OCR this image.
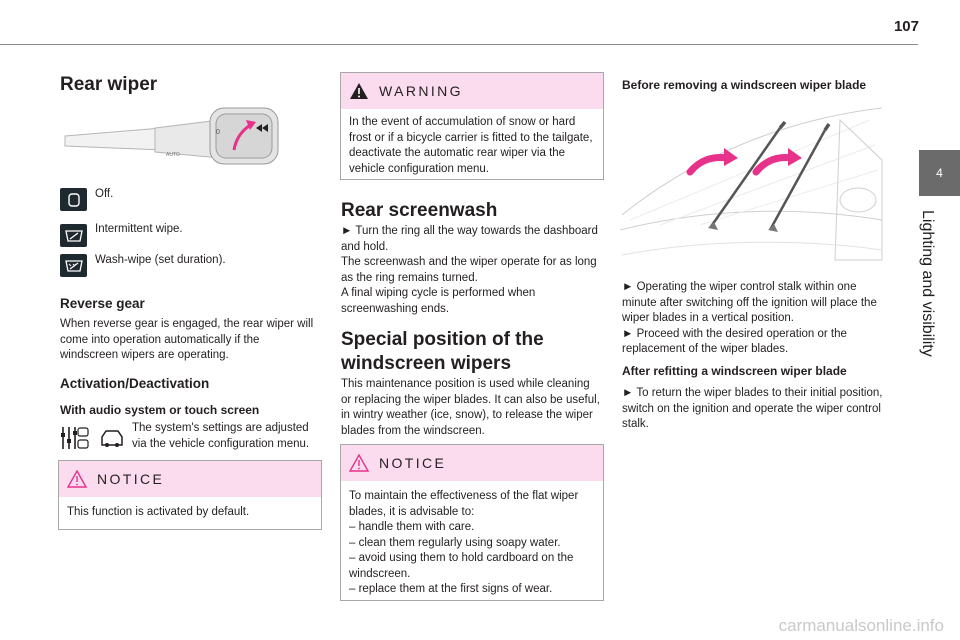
107
4
Lighting and visibility
Rear wiper
0
AUTO
Off.
Intermittent wipe.
Wash-wipe (set duration).
Reverse gear
When reverse gear is engaged, the rear wiper will come into operation automatically if the windscreen wipers are operating.
Activation/Deactivation
With audio system or touch screen
The system's settings are adjusted via the vehicle configuration menu.
NOTICE
This function is activated by default.
WARNING
In the event of accumulation of snow or hard frost or if a bicycle carrier is fitted to the tailgate, deactivate the automatic rear wiper via the vehicle configuration menu.
Rear screenwash
► Turn the ring all the way towards the dashboard and hold.
The screenwash and the wiper operate for as long as the ring remains turned.
A final wiping cycle is performed when screenwashing ends.
Special position of the windscreen wipers
This maintenance position is used while cleaning or replacing the wiper blades. It can also be useful, in wintry weather (ice, snow), to release the wiper blades from the windscreen.
NOTICE
To maintain the effectiveness of the flat wiper blades, it is advisable to:
– handle them with care.
– clean them regularly using soapy water.
– avoid using them to hold cardboard on the windscreen.
– replace them at the first signs of wear.
Before removing a windscreen wiper blade
► Operating the wiper control stalk within one minute after switching off the ignition will place the wiper blades in a vertical position.
► Proceed with the desired operation or the replacement of the wiper blades.
After refitting a windscreen wiper blade
► To return the wiper blades to their initial position, switch on the ignition and operate the wiper control stalk.
carmanualsonline.info
